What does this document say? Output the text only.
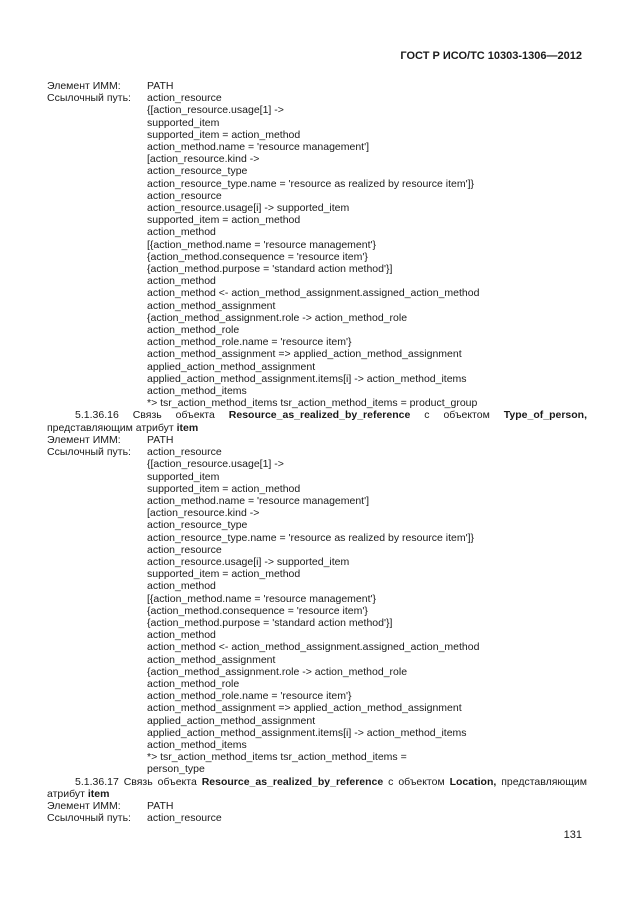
ГОСТ Р ИСО/ТС 10303-1306—2012
Элемент ИММ:	PATH
Ссылочный путь:	action_resource
{[action_resource.usage[1] ->
supported_item
supported_item = action_method
action_method.name = 'resource management']
[action_resource.kind ->
action_resource_type
action_resource_type.name = 'resource as realized by resource item']}
action_resource
action_resource.usage[i] -> supported_item
supported_item = action_method
action_method
[{action_method.name = 'resource management'}
{action_method.consequence = 'resource item'}
{action_method.purpose = 'standard action method'}]
action_method
action_method <- action_method_assignment.assigned_action_method
action_method_assignment
{action_method_assignment.role -> action_method_role
action_method_role
action_method_role.name = 'resource item'}
action_method_assignment => applied_action_method_assignment
applied_action_method_assignment
applied_action_method_assignment.items[i] -> action_method_items
action_method_items
*> tsr_action_method_items tsr_action_method_items = product_group
5.1.36.16 Связь объекта Resource_as_realized_by_reference с объектом Type_of_person, представляющим атрибут item
Элемент ИММ:	PATH
Ссылочный путь:	action_resource
{[action_resource.usage[1] ->
supported_item
supported_item = action_method
action_method.name = 'resource management']
[action_resource.kind ->
action_resource_type
action_resource_type.name = 'resource as realized by resource item']}
action_resource
action_resource.usage[i] -> supported_item
supported_item = action_method
action_method
[{action_method.name = 'resource management'}
{action_method.consequence = 'resource item'}
{action_method.purpose = 'standard action method'}]
action_method
action_method <- action_method_assignment.assigned_action_method
action_method_assignment
{action_method_assignment.role -> action_method_role
action_method_role
action_method_role.name = 'resource item'}
action_method_assignment => applied_action_method_assignment
applied_action_method_assignment
applied_action_method_assignment.items[i] -> action_method_items
action_method_items
*> tsr_action_method_items tsr_action_method_items =
person_type
5.1.36.17 Связь объекта Resource_as_realized_by_reference с объектом Location, представляющим атрибут item
Элемент ИММ:	PATH
Ссылочный путь:	action_resource
131
